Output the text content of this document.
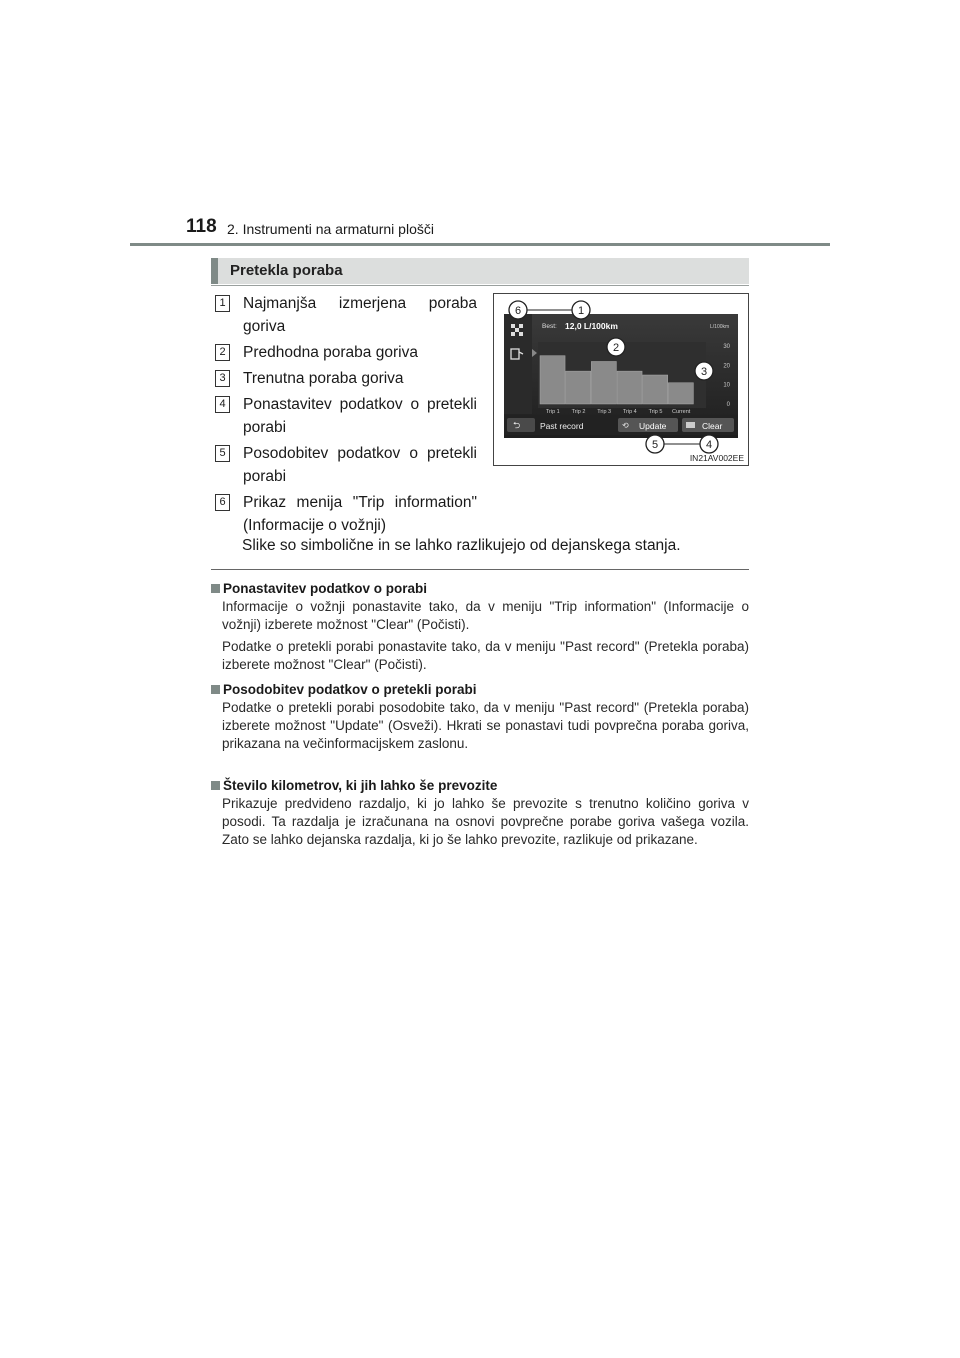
118 2. Instrumenti na armaturni plošči
Pretekla poraba
1 Najmanjša izmerjena poraba goriva
2 Predhodna poraba goriva
3 Trenutna poraba goriva
4 Ponastavitev podatkov o pretekli porabi
5 Posodobitev podatkov o pretekli porabi
6 Prikaz menija "Trip information" (Informacije o vožnji)
Trip 1 Trip 2 Trip 3 Trip 4 Trip 5 Current
30
20
10
0
Best: 12,0 L/100km	L/100km
⮌ Past record	⟲ Update	Clear
6	1
2
3
5	4
IN21AV002EE
Slike so simbolične in se lahko razlikujejo od dejanskega stanja.
Ponastavitev podatkov o porabi

Informacije o vožnji ponastavite tako, da v meniju "Trip information" (Informacije o vožnji) izberete možnost "Clear" (Počisti).

Podatke o pretekli porabi ponastavite tako, da v meniju "Past record" (Pretekla poraba) izberete možnost "Clear" (Počisti).

Posodobitev podatkov o pretekli porabi

Podatke o pretekli porabi posodobite tako, da v meniju "Past record" (Pretekla poraba) izberete možnost "Update" (Osveži). Hkrati se ponastavi tudi povprečna poraba goriva, prikazana na večinformacijskem zaslonu.

Število kilometrov, ki jih lahko še prevozite

Prikazuje predvideno razdaljo, ki jo lahko še prevozite s trenutno količino goriva v posodi. Ta razdalja je izračunana na osnovi povprečne porabe goriva vašega vozila. Zato se lahko dejanska razdalja, ki jo še lahko prevozite, razlikuje od prikazane.
